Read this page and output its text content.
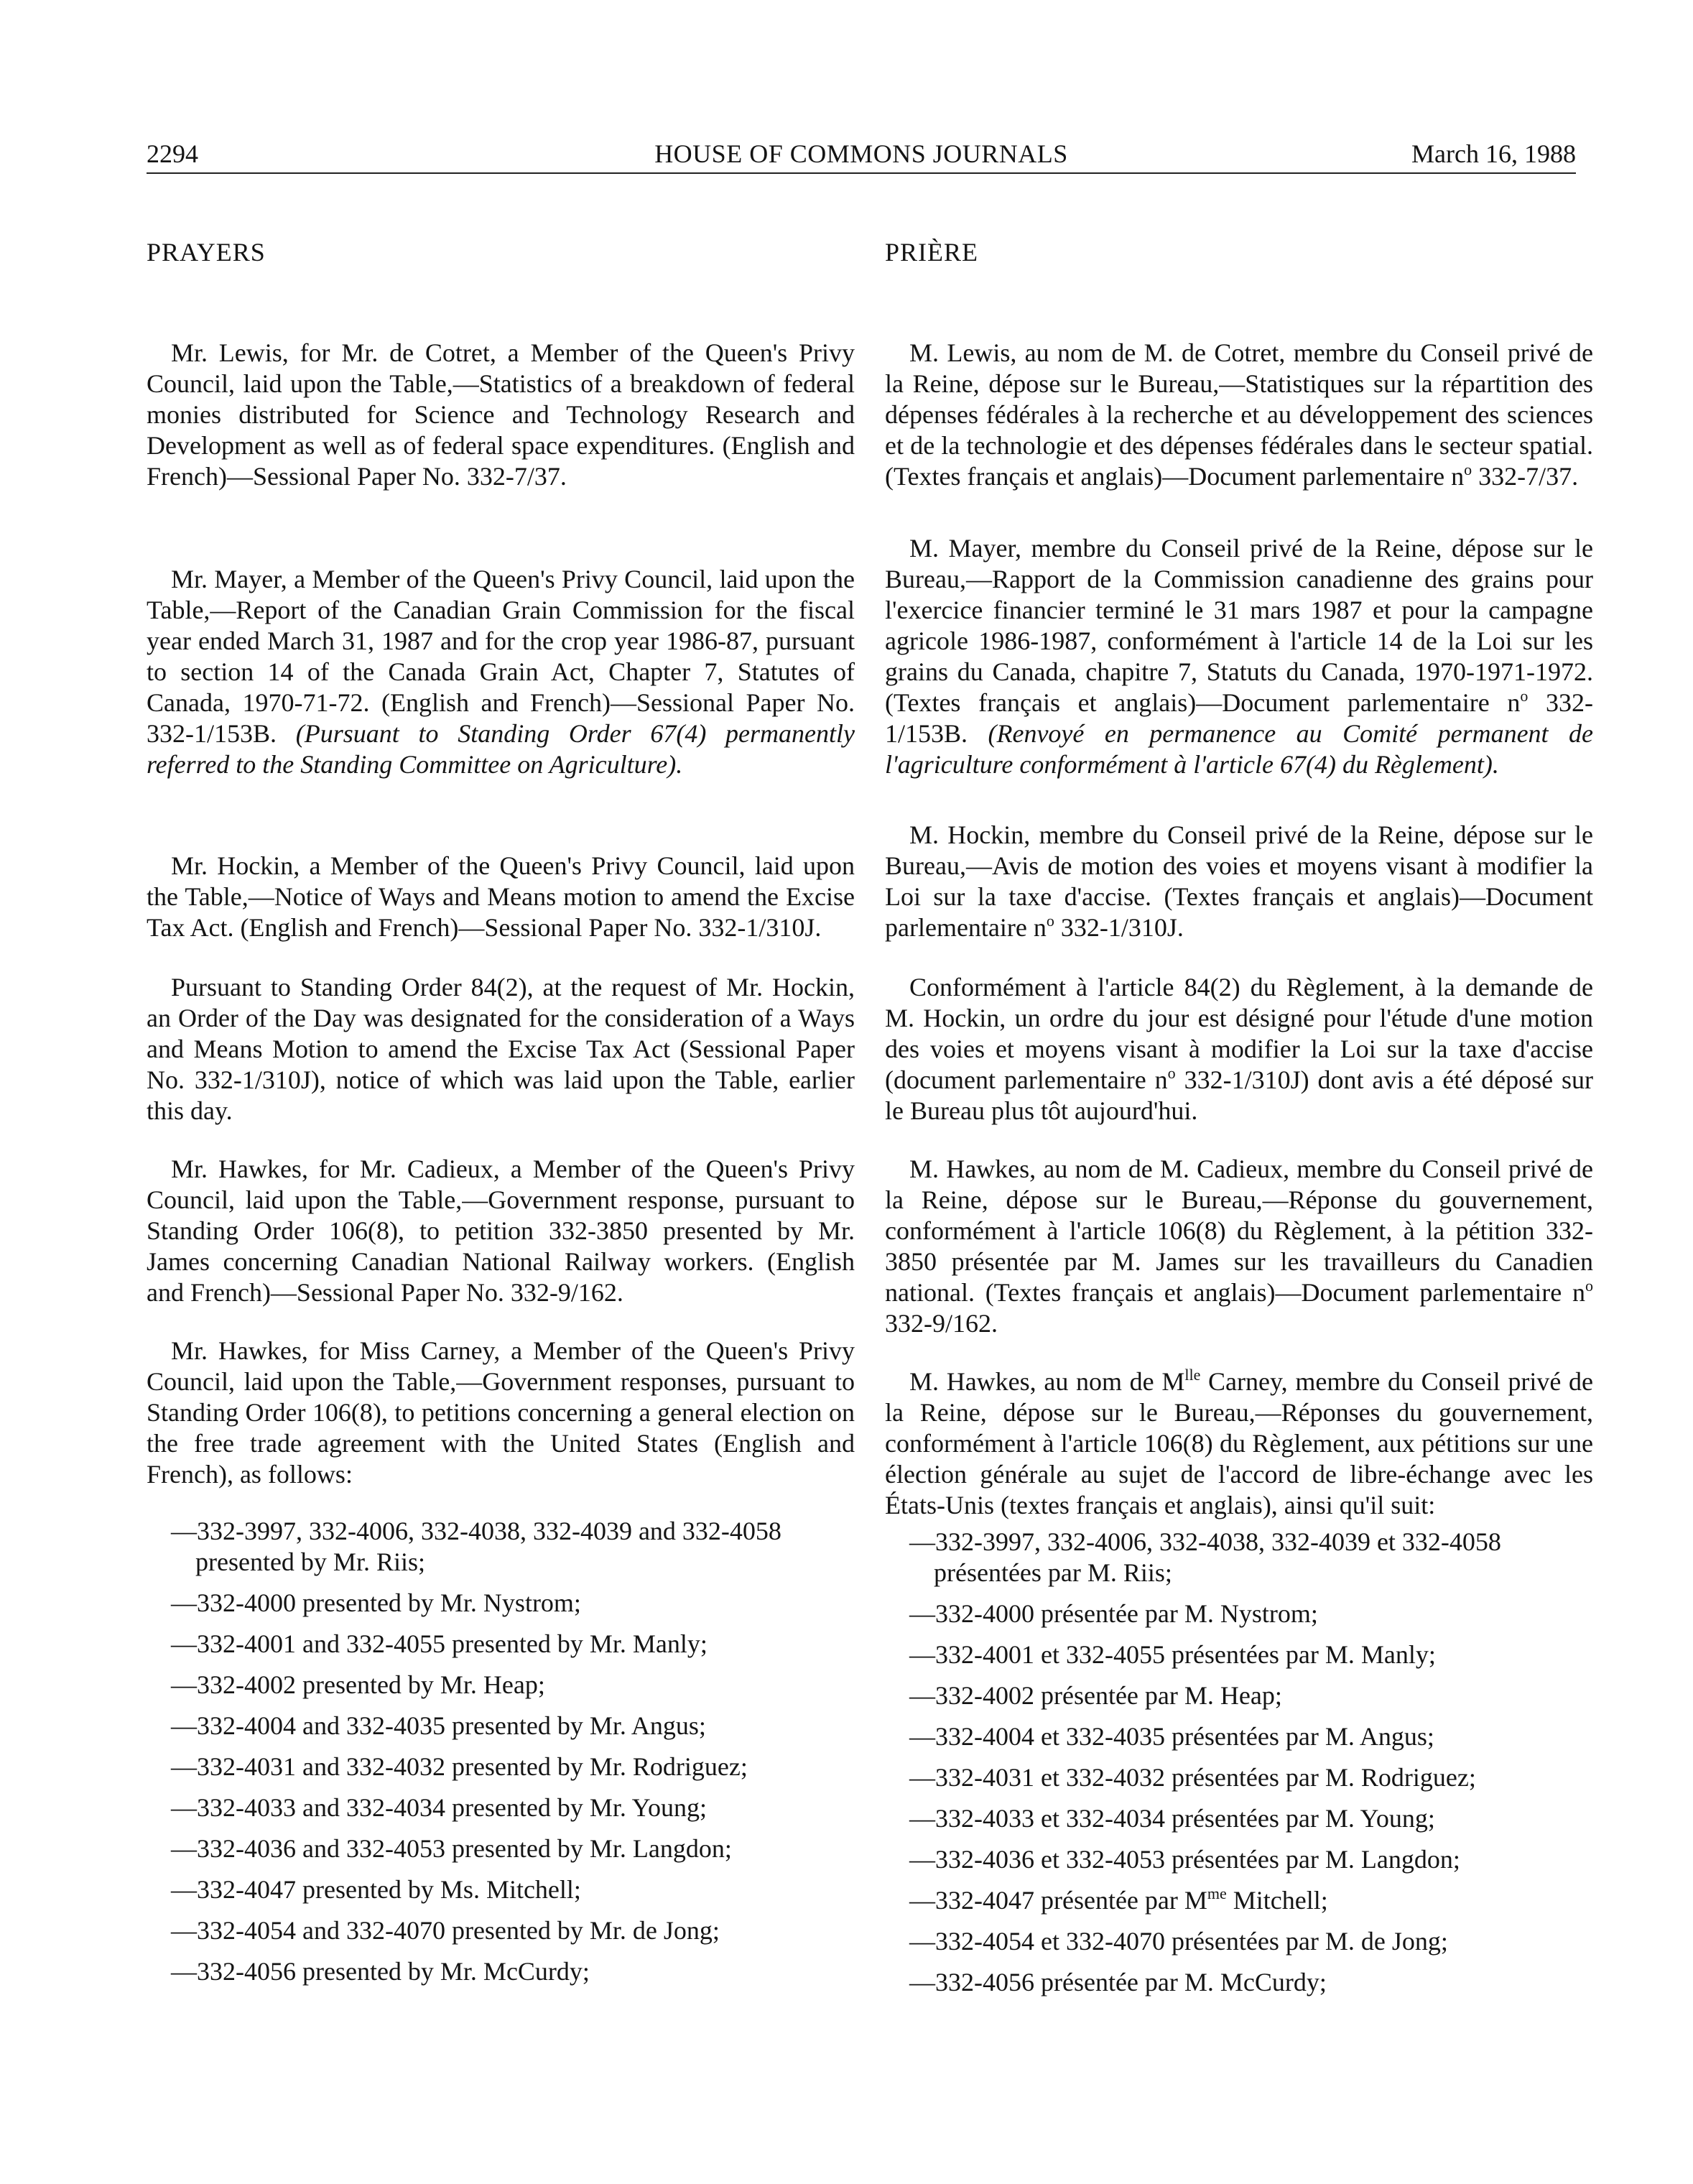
2294	HOUSE OF COMMONS JOURNALS	March 16, 1988
PRAYERS

Mr. Lewis, for Mr. de Cotret, a Member of the Queen's Privy Council, laid upon the Table,—Statistics of a breakdown of federal monies distributed for Science and Technology Research and Development as well as of federal space expenditures. (English and French)—Sessional Paper No. 332-7/37.

Mr. Mayer, a Member of the Queen's Privy Council, laid upon the Table,—Report of the Canadian Grain Commission for the fiscal year ended March 31, 1987 and for the crop year 1986-87, pursuant to section 14 of the Canada Grain Act, Chapter 7, Statutes of Canada, 1970-71-72. (English and French)—Sessional Paper No. 332-1/153B. (Pursuant to Standing Order 67(4) permanently referred to the Standing Committee on Agriculture).

Mr. Hockin, a Member of the Queen's Privy Council, laid upon the Table,—Notice of Ways and Means motion to amend the Excise Tax Act. (English and French)—Sessional Paper No. 332-1/310J.

Pursuant to Standing Order 84(2), at the request of Mr. Hockin, an Order of the Day was designated for the consideration of a Ways and Means Motion to amend the Excise Tax Act (Sessional Paper No. 332-1/310J), notice of which was laid upon the Table, earlier this day.

Mr. Hawkes, for Mr. Cadieux, a Member of the Queen's Privy Council, laid upon the Table,—Government response, pursuant to Standing Order 106(8), to petition 332-3850 presented by Mr. James concerning Canadian National Railway workers. (English and French)—Sessional Paper No. 332-9/162.

Mr. Hawkes, for Miss Carney, a Member of the Queen's Privy Council, laid upon the Table,—Government responses, pursuant to Standing Order 106(8), to petitions concerning a general election on the free trade agreement with the United States (English and French), as follows:

—332-3997, 332-4006, 332-4038, 332-4039 and 332-4058 presented by Mr. Riis;
—332-4000 presented by Mr. Nystrom;
—332-4001 and 332-4055 presented by Mr. Manly;
—332-4002 presented by Mr. Heap;
—332-4004 and 332-4035 presented by Mr. Angus;
—332-4031 and 332-4032 presented by Mr. Rodriguez;
—332-4033 and 332-4034 presented by Mr. Young;
—332-4036 and 332-4053 presented by Mr. Langdon;
—332-4047 presented by Ms. Mitchell;
—332-4054 and 332-4070 presented by Mr. de Jong;
—332-4056 presented by Mr. McCurdy;
PRIÈRE

M. Lewis, au nom de M. de Cotret, membre du Conseil privé de la Reine, dépose sur le Bureau,—Statistiques sur la répartition des dépenses fédérales à la recherche et au développement des sciences et de la technologie et des dépenses fédérales dans le secteur spatial. (Textes français et anglais)—Document parlementaire $n^o$ 332-7/37.

M. Mayer, membre du Conseil privé de la Reine, dépose sur le Bureau,—Rapport de la Commission canadienne des grains pour l'exercice financier terminé le 31 mars 1987 et pour la campagne agricole 1986-1987, conformément à l'article 14 de la Loi sur les grains du Canada, chapitre 7, Statuts du Canada, 1970-1971-1972. (Textes français et anglais)—Document parlementaire $n^o$ 332-1/153B. (Renvoyé en permanence au Comité permanent de l'agriculture conformément à l'article 67(4) du Règlement).

M. Hockin, membre du Conseil privé de la Reine, dépose sur le Bureau,—Avis de motion des voies et moyens visant à modifier la Loi sur la taxe d'accise. (Textes français et anglais)—Document parlementaire $n^o$ 332-1/310J.

Conformément à l'article 84(2) du Règlement, à la demande de M. Hockin, un ordre du jour est désigné pour l'étude d'une motion des voies et moyens visant à modifier la Loi sur la taxe d'accise (document parlementaire $n^o$ 332-1/310J) dont avis a été déposé sur le Bureau plus tôt aujourd'hui.

M. Hawkes, au nom de M. Cadieux, membre du Conseil privé de la Reine, dépose sur le Bureau,—Réponse du gouvernement, conformément à l'article 106(8) du Règlement, à la pétition 332-3850 présentée par M. James sur les travailleurs du Canadien national. (Textes français et anglais)—Document parlementaire $n^o$ 332-9/162.

M. Hawkes, au nom de $M^{lle}$ Carney, membre du Conseil privé de la Reine, dépose sur le Bureau,—Réponses du gouvernement, conformément à l'article 106(8) du Règlement, aux pétitions sur une élection générale au sujet de l'accord de libre-échange avec les États-Unis (textes français et anglais), ainsi qu'il suit:

—332-3997, 332-4006, 332-4038, 332-4039 et 332-4058 présentées par M. Riis;
—332-4000 présentée par M. Nystrom;
—332-4001 et 332-4055 présentées par M. Manly;
—332-4002 présentée par M. Heap;
—332-4004 et 332-4035 présentées par M. Angus;
—332-4031 et 332-4032 présentées par M. Rodriguez;
—332-4033 et 332-4034 présentées par M. Young;
—332-4036 et 332-4053 présentées par M. Langdon;
—332-4047 présentée par $M^{me}$ Mitchell;
—332-4054 et 332-4070 présentées par M. de Jong;
—332-4056 présentée par M. McCurdy;
